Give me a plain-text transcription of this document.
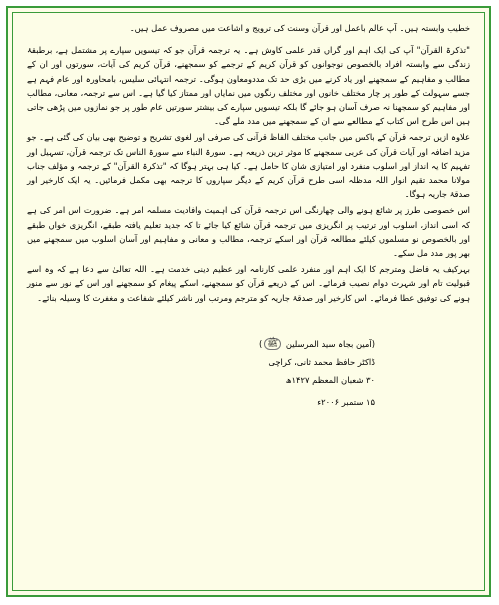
خطیب وابستہ ہیں۔ آپ عالم باعمل اور قرآن وسنت کی ترویج و اشاعت میں مصروف عمل ہیں۔

"تذکرۃ القرآن" آپ کی ایک اہم اور گراں قدر علمی کاوش ہے۔ یہ ترجمہ قرآن جو کہ تیسویں سپارے پر مشتمل ہے، برطبقۂ زندگی سے وابستہ افراد بالخصوص نوجوانوں کو قرآن کریم کے ترجمے کو سمجھنے، قرآن کریم کی آیات، سورتوں اور ان کے مطالب و مفاہیم کے سمجھنے اور یاد کرنے میں بڑی حد تک مددومعاون ہوگی۔ ترجمہ انتہائی سلیس، بامحاورہ اور عام فہم ہے جسے سہولت کے طور پر چار مختلف خانوں اور مختلف رنگوں میں نمایاں اور ممتاز کیا گیا ہے۔ اس سے ترجمہ، معانی، مطالب اور مفاہیم کو سمجھنا نہ صرف آسان ہو جائے گا بلکہ تیسویں سپارے کی بیشتر سورتیں عام طور پر جو نمازوں میں پڑھی جاتی ہیں اس طرح اس کتاب کے مطالعے سے ان کے سمجھنے میں مدد ملے گی۔

علاوہ ازیں ترجمہ قرآن کے باکس میں جانب مختلف الفاظ قرآنی کی صرفی اور لغوی تشریح و توضیح بھی بیان کی گئی ہے۔ جو مزید اضافہ اور آیات قرآن کی عربی سمجھنے کا موثر ترین ذریعہ ہے۔ سورۃ النباء سے سورۃ الناس تک ترجمہ قرآن، تسہیل اور تفہیم کا یہ انداز اور اسلوب منفرد اور امتیازی شان کا حامل ہے۔ کیا ہی بہتر ہوگا کہ "تذکرۃ القرآن" کے ترجمہ و مؤلف جناب مولانا محمد تقیم انوار اللہ مدظلہ اسی طرح قرآن کریم کے دیگر سپاروں کا ترجمہ بھی مکمل فرمائیں۔ یہ ایک کارخیر اور صدقۂ جاریہ ہوگا۔

اس خصوصی طرز پر شائع ہونے والی چھارنگی اس ترجمہ قرآن کی اہمیت وافادیت مسلمہ امر ہے۔ ضرورت اس امر کی ہے کہ اسی انداز، اسلوب اور ترتیب پر انگریزی میں ترجمہ قرآن شائع کیا جائے تا کہ جدید تعلیم یافتہ طبقے، انگریزی خواں طبقے اور بالخصوص نو مسلموں کیلئے مطالعہ قرآن اور اسکے ترجمہ، مطالب و معانی و مفاہیم اور آسان اسلوب میں سمجھنے میں بھر پور مدد مل سکے۔

بہرکیف یہ فاضل ومترجم کا ایک اہم اور منفرد علمی کارنامہ اور عظیم دینی خدمت ہے۔ اللہ تعالیٰ سے دعا ہے کہ وہ اسے قبولیت تام اور شہرت دوام نصیب فرمائے۔ اس کے ذریعے قرآن کو سمجھنے، اسکے پیغام کو سمجھنے اور اس کے نور سے منور ہونے کی توفیق عطا فرمائے۔ اس کارخیر اور صدقۂ جاریہ کو مترجم ومرتب اور ناشر کیلئے شفاعت و مغفرت کا وسیلہ بنائے۔

(آمین بجاہ سید المرسلین ﷺ)
ڈاکٹر حافظ محمد ثانی، کراچی
۳۰ شعبان المعظم ۱۴۲۷ھ
۱۵ ستمبر ۲۰۰۶ء
